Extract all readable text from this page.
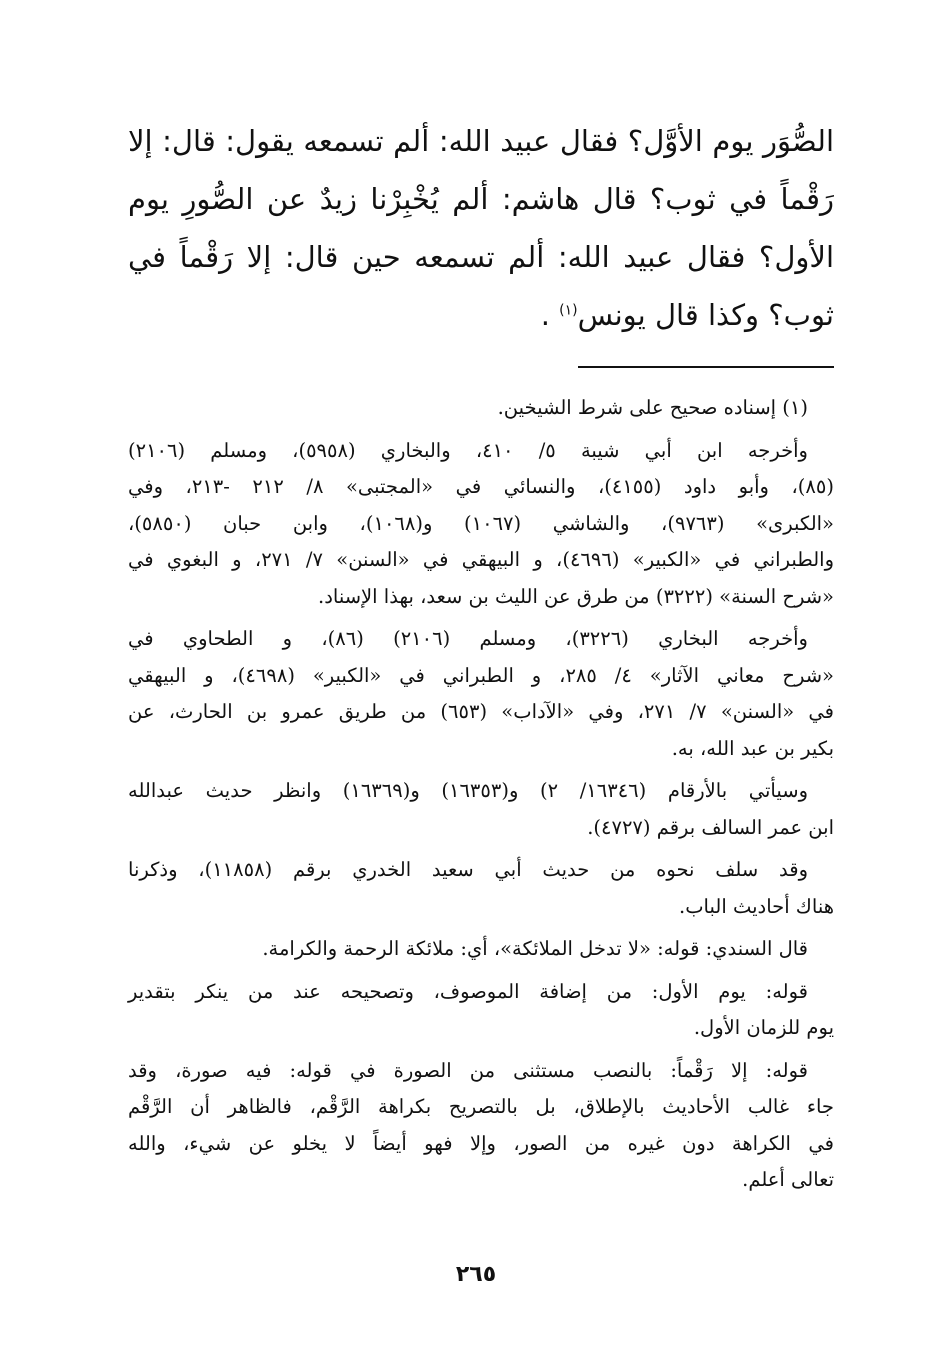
الصُّوَر يوم الأوَّل؟ فقال عبيد الله: ألم تسمعه يقول: قال: إلا
رَقْماً في ثوب؟ قال هاشم: ألم يُخْبِرْنا زيدٌ عن الصُّورِ يوم
الأول؟ فقال عبيد الله: ألم تسمعه حين قال: إلا رَقْماً في
ثوب؟ وكذا قال يونس$^{(١)}$ .
(١) إسناده صحيح على شرط الشيخين.
وأخرجه ابن أبي شيبة ٥/ ٤١٠، والبخاري (٥٩٥٨)، ومسلم (٢١٠٦)
(٨٥)، وأبو داود (٤١٥٥)، والنسائي في «المجتبى» ٨/ ٢١٢ -٢١٣، وفي
«الكبرى» (٩٧٦٣)، والشاشي (١٠٦٧) و(١٠٦٨)، وابن حبان (٥٨٥٠)،
والطبراني في «الكبير» (٤٦٩٦)، و البيهقي في «السنن» ٧/ ٢٧١، و البغوي في
«شرح السنة» (٣٢٢٢) من طرق عن الليث بن سعد، بهذا الإسناد.
وأخرجه البخاري (٣٢٢٦)، ومسلم (٢١٠٦) (٨٦)، و الطحاوي في
«شرح معاني الآثار» ٤/ ٢٨٥، و الطبراني في «الكبير» (٤٦٩٨)، و البيهقي
في «السنن» ٧/ ٢٧١، وفي «الآداب» (٦٥٣) من طريق عمرو بن الحارث، عن
بكير بن عبد الله، به.
وسيأتي بالأرقام (١٦٣٤٦/ ٢) و(١٦٣٥٣) و(١٦٣٦٩) وانظر حديث عبدالله
ابن عمر السالف برقم (٤٧٢٧).
وقد سلف نحوه من حديث أبي سعيد الخدري برقم (١١٨٥٨)، وذكرنا
هناك أحاديث الباب.
قال السندي: قوله: «لا تدخل الملائكة»، أي: ملائكة الرحمة والكرامة.
قوله: يوم الأول: من إضافة الموصوف، وتصحيحه عند من ينكر بتقدير
يوم للزمان الأول.
قوله: إلا رَقْماً: بالنصب مستثنى من الصورة في قوله: فيه صورة، وقد
جاء غالب الأحاديث بالإطلاق، بل بالتصريح بكراهة الرَّقْم، فالظاهر أن الرَّقْم
في الكراهة دون غيره من الصور، وإلا فهو أيضاً لا يخلو عن شيء، والله
تعالى أعلم.
٢٦٥
